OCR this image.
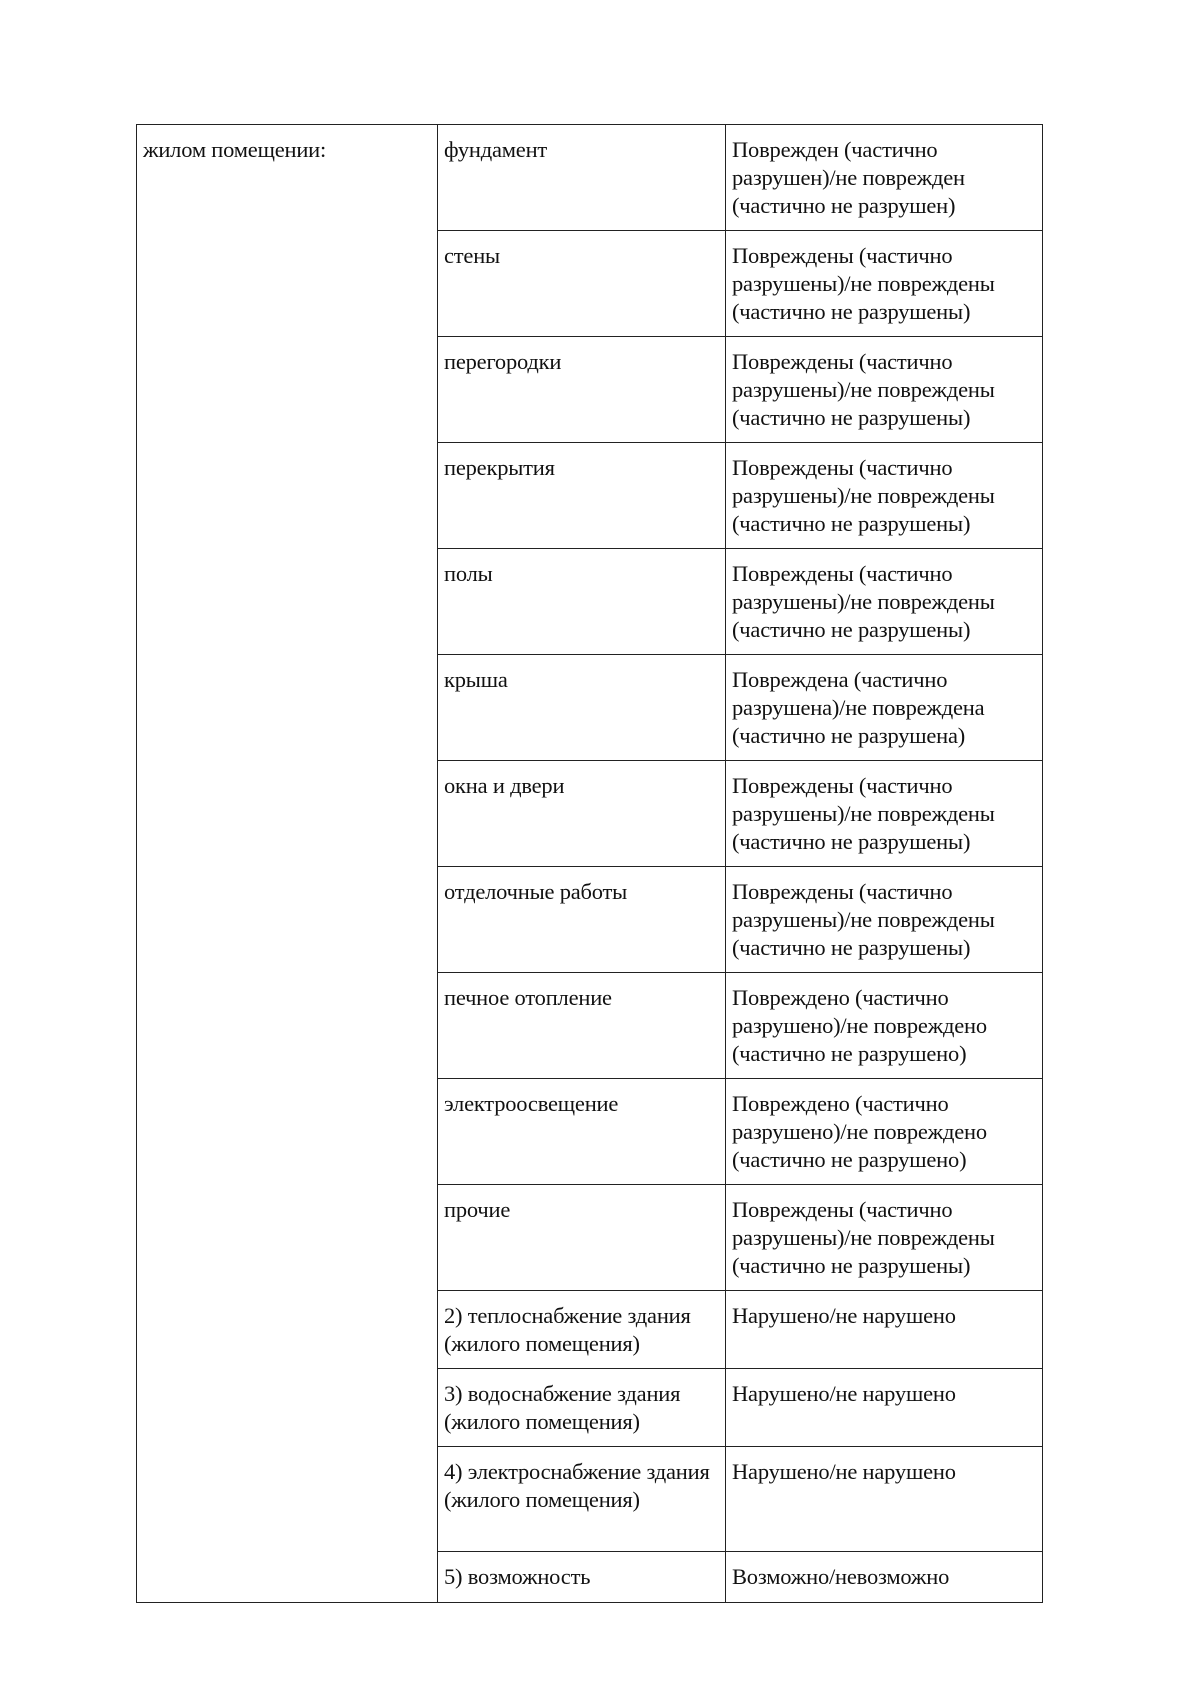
жилом помещении:	фундамент	Поврежден (частично разрушен)/не поврежден (частично не разрушен)

	стены	Повреждены (частично разрушены)/не повреждены (частично не разрушены)

	перегородки	Повреждены (частично разрушены)/не повреждены (частично не разрушены)

	перекрытия	Повреждены (частично разрушены)/не повреждены (частично не разрушены)

	полы	Повреждены (частично разрушены)/не повреждены (частично не разрушены)

	крыша	Повреждена (частично разрушена)/не повреждена (частично не разрушена)

	окна и двери	Повреждены (частично разрушены)/не повреждены (частично не разрушены)

	отделочные работы	Повреждены (частично разрушены)/не повреждены (частично не разрушены)

	печное отопление	Повреждено (частично разрушено)/не повреждено (частично не разрушено)

	электроосвещение	Повреждено (частично разрушено)/не повреждено (частично не разрушено)

	прочие	Повреждены (частично разрушены)/не повреждены (частично не разрушены)

	2) теплоснабжение здания (жилого помещения)	Нарушено/не нарушено

	3) водоснабжение здания (жилого помещения)	Нарушено/не нарушено

	4) электроснабжение здания (жилого помещения)	Нарушено/не нарушено

	5) возможность	Возможно/невозможно
